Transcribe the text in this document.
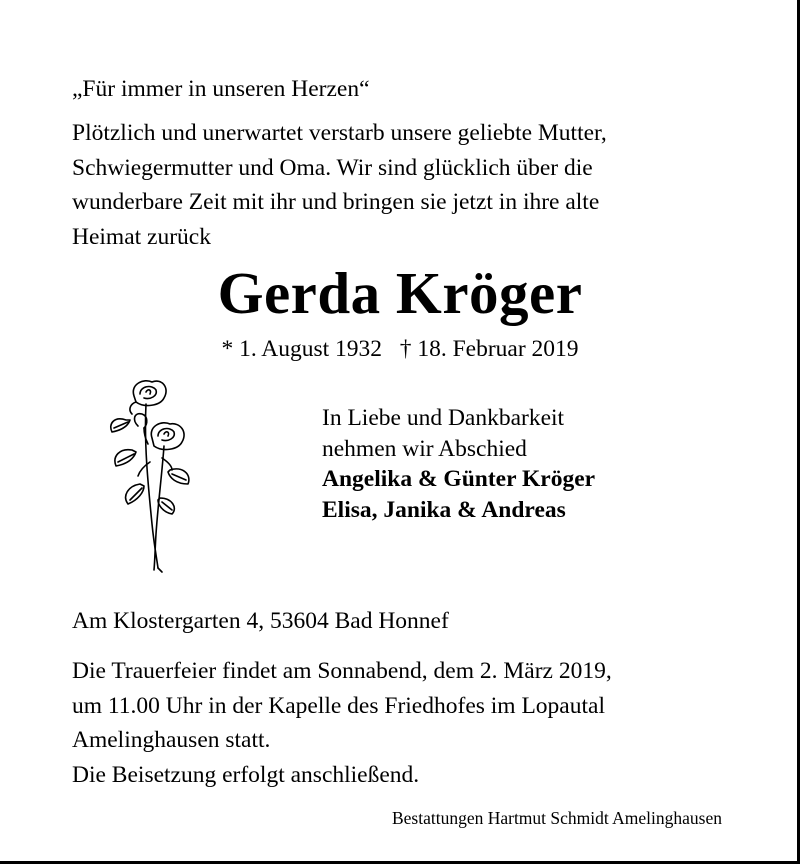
„Für immer in unseren Herzen“
Plötzlich und unerwartet verstarb unsere geliebte Mutter,
Schwiegermutter und Oma. Wir sind glücklich über die
wunderbare Zeit mit ihr und bringen sie jetzt in ihre alte
Heimat zurück
Gerda Kröger
* 1. August 1932 † 18. Februar 2019
In Liebe und Dankbarkeit
nehmen wir Abschied
Angelika & Günter Kröger
Elisa, Janika & Andreas
Am Klostergarten 4, 53604 Bad Honnef
Die Trauerfeier findet am Sonnabend, dem 2. März 2019,
um 11.00 Uhr in der Kapelle des Friedhofes im Lopautal
Amelinghausen statt.
Die Beisetzung erfolgt anschließend.
Bestattungen Hartmut Schmidt Amelinghausen
